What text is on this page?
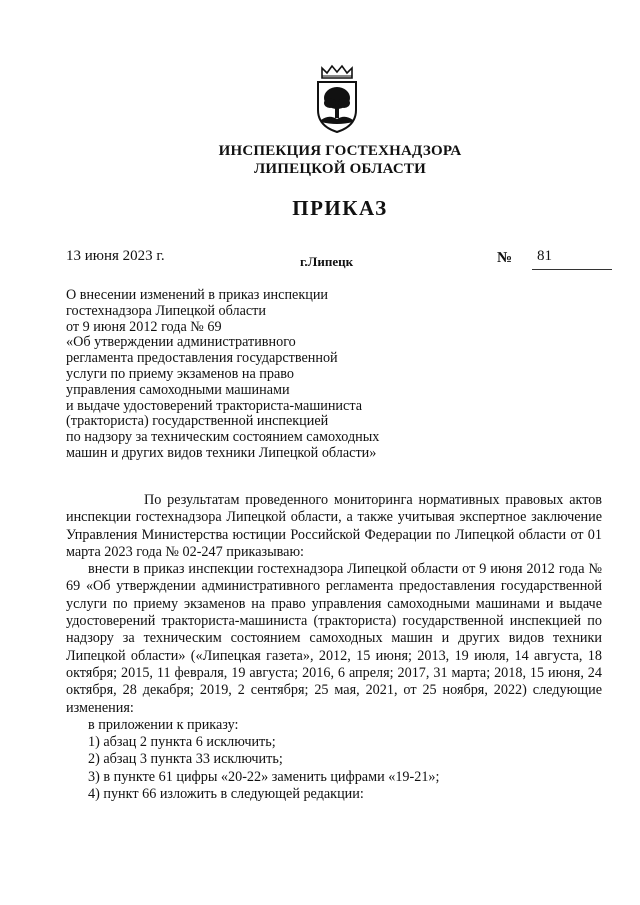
ИНСПЕКЦИЯ ГОСТЕХНАДЗОРА
ЛИПЕЦКОЙ ОБЛАСТИ
ПРИКАЗ
13 июня 2023 г.	г.Липецк	№ 81
О внесении изменений в приказ инспекции
гостехнадзора Липецкой области
от 9 июня 2012 года № 69
«Об утверждении административного
регламента предоставления государственной
услуги по приему экзаменов на право
управления самоходными машинами
и выдаче удостоверений тракториста-машиниста
(тракториста) государственной инспекцией
по надзору за техническим состоянием самоходных
машин и других видов техники Липецкой области»

По результатам проведенного мониторинга нормативных правовых актов инспекции гостехнадзора Липецкой области, а также учитывая экспертное заключение Управления Министерства юстиции Российской Федерации по Липецкой области от 01 марта 2023 года № 02-247 приказываю:

внести в приказ инспекции гостехнадзора Липецкой области от 9 июня 2012 года № 69 «Об утверждении административного регламента предоставления государственной услуги по приему экзаменов на право управления самоходными машинами и выдаче удостоверений тракториста-машиниста (тракториста) государственной инспекцией по надзору за техническим состоянием самоходных машин и других видов техники Липецкой области» («Липецкая газета», 2012, 15 июня; 2013, 19 июля, 14 августа, 18 октября; 2015, 11 февраля, 19 августа; 2016, 6 апреля; 2017, 31 марта; 2018, 15 июня, 24 октября, 28 декабря; 2019, 2 сентября; 25 мая, 2021, от 25 ноября, 2022) следующие изменения:

в приложении к приказу:

1) абзац 2 пункта 6 исключить;

2) абзац 3 пункта 33 исключить;

3) в пункте 61 цифры «20-22» заменить цифрами «19-21»;

4) пункт 66 изложить в следующей редакции:
